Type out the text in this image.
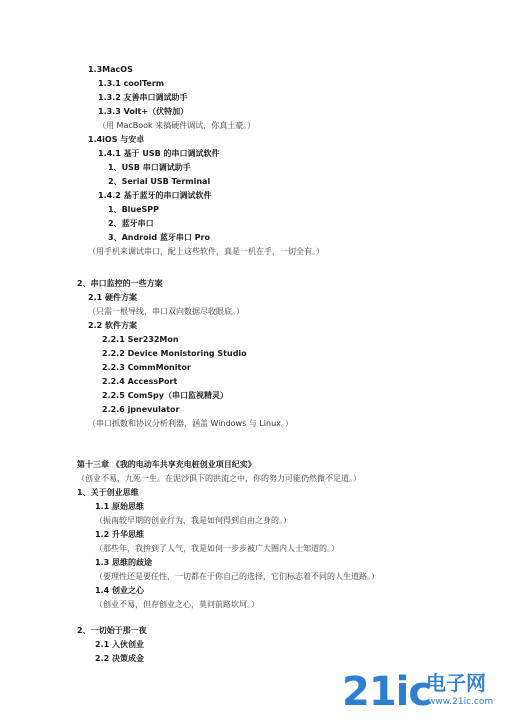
1.3MacOS
1.3.1 coolTerm
1.3.2 友善串口调试助手
1.3.3 Volt+（伏特加）
（用 MacBook 来搞硬件调试，你真土豪。）
1.4iOS 与安卓
1.4.1 基于 USB 的串口调试软件
1、USB 串口调试助手
2、Serial USB Terminal
1.4.2 基于蓝牙的串口调试软件
1、BlueSPP
2、蓝牙串口
3、Android 蓝牙串口 Pro
（用手机来调试串口，配上这些软件，真是一机在手，一切全有。）
2、串口监控的一些方案
2.1 硬件方案
（只需一根导线，串口双向数据尽收眼底。）
2.2 软件方案
2.2.1 Ser232Mon
2.2.2 Device Monistoring Studio
2.2.3 CommMonitor
2.2.4 AccessPort
2.2.5 ComSpy（串口监视精灵）
2.2.6 jpnevulator
（串口抓数和协议分析利器，涵盖 Windows 与 Linux。）
第十三章 《我的电动车共享充电桩创业项目纪实》
（创业不易，九死一生。在泥沙俱下的洪流之中，你的努力可能仍然微不足道。）
1、关于创业思维
1.1 原始思维
（振南较早期的创业行为，我是如何得到自由之身的。）
1.2 升华思维
（那些年，我拚到了人气，我是如何一步步被广大圈内人士知道的。）
1.3 思维的歧途
（要理性还是要任性，一切都在于你自己的选择，它们标志着不同的人生道路。）
1.4 创业之心
（创业不易，但存创业之心，莫问前路坎坷。）
2、一切始于那一夜
2.1 入伙创业
2.2 决策成金
21ic
电子网
www.21ic.com
